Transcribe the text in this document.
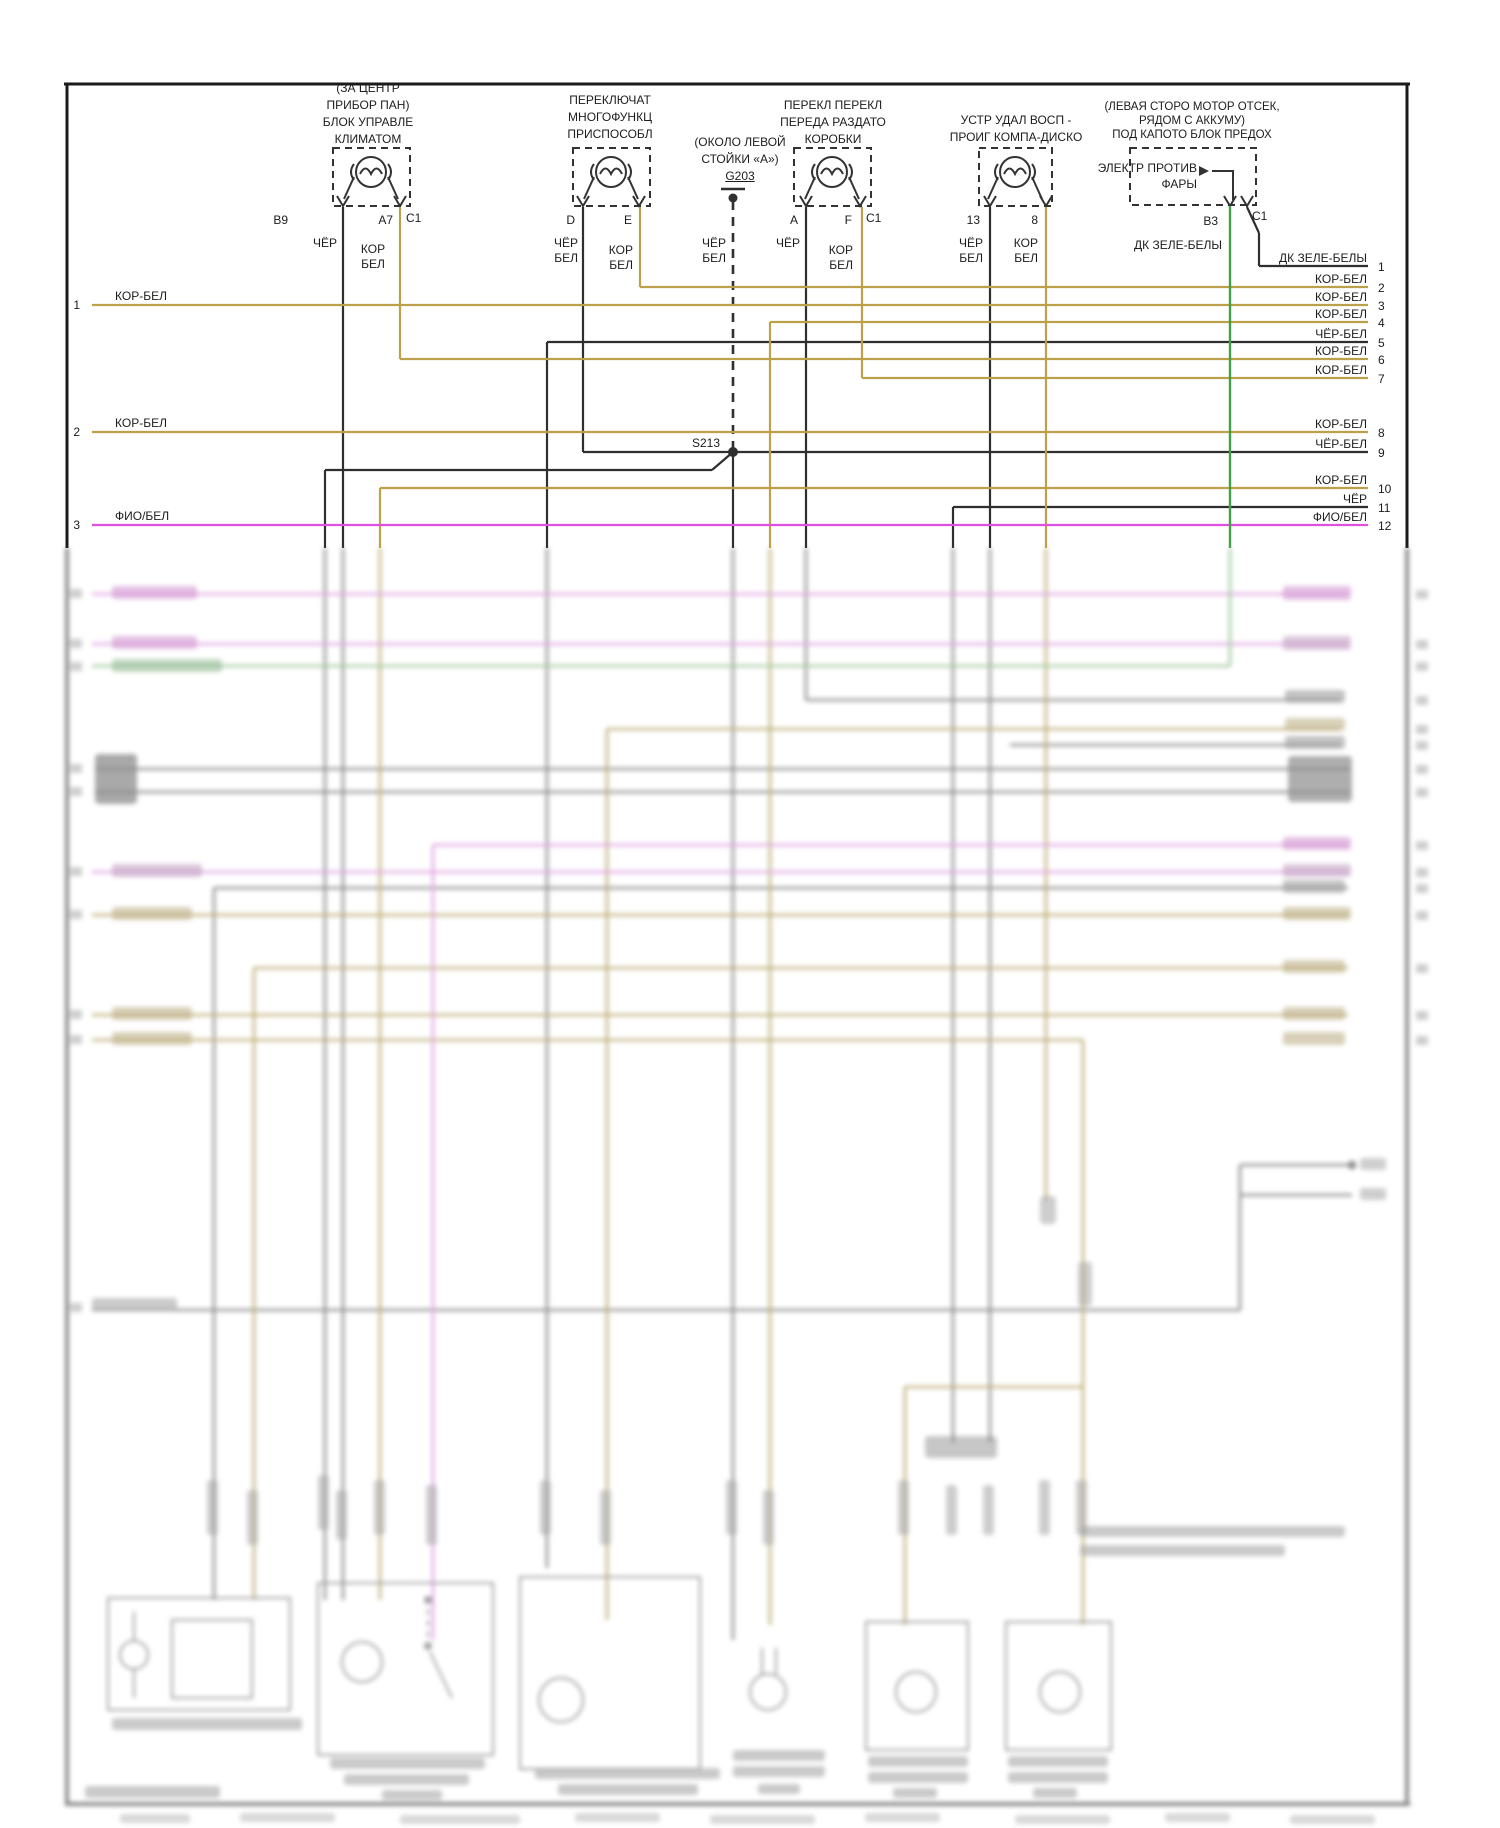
(ЗА ЦЕНТР
ПРИБОР ПАН)
БЛОК УПРАВЛЕ
КЛИМАТОМ
ПЕРЕКЛЮЧАТ
МНОГОФУНКЦ
ПРИСПОСОБЛ
(ОКОЛО ЛЕВОЙ
СТОЙКИ «А»)
G203
ПЕРЕКЛ ПЕРЕКЛ
ПЕРЕДА РАЗДАТО
КОРОБКИ
УСТР УДАЛ ВОСП -
ПРОИГ КОМПА-ДИСКО
(ЛЕВАЯ СТОРО МОТОР ОТСЕК,
РЯДОМ С АККУМУ)
ПОД КАПОТО БЛОК ПРЕДОХ
ЭЛЕКТР ПРОТИВ
ФАРЫ
B9	A7 C1	D	E	A	F C1	13	8	B3	C1
ЧЁР	КОР
БЕЛ
ЧЁР
БЕЛ
КОР
БЕЛ
ЧЁР
БЕЛ
ЧЁР	КОР
БЕЛ
ЧЁР
БЕЛ
КОР
БЕЛ
ДК ЗЕЛЕ-БЕЛЫ
S213
1
КОР-БЕЛ
2
КОР-БЕЛ
3
ФИО/БЕЛ
ДК ЗЕЛЕ-БЕЛЫ
1
КОР-БЕЛ
2
КОР-БЕЛ
3
КОР-БЕЛ
4
ЧЁР-БЕЛ
5
КОР-БЕЛ
6
КОР-БЕЛ
7
КОР-БЕЛ
8
ЧЁР-БЕЛ
9
КОР-БЕЛ
10
ЧЁР
11
ФИО/БЕЛ
12
